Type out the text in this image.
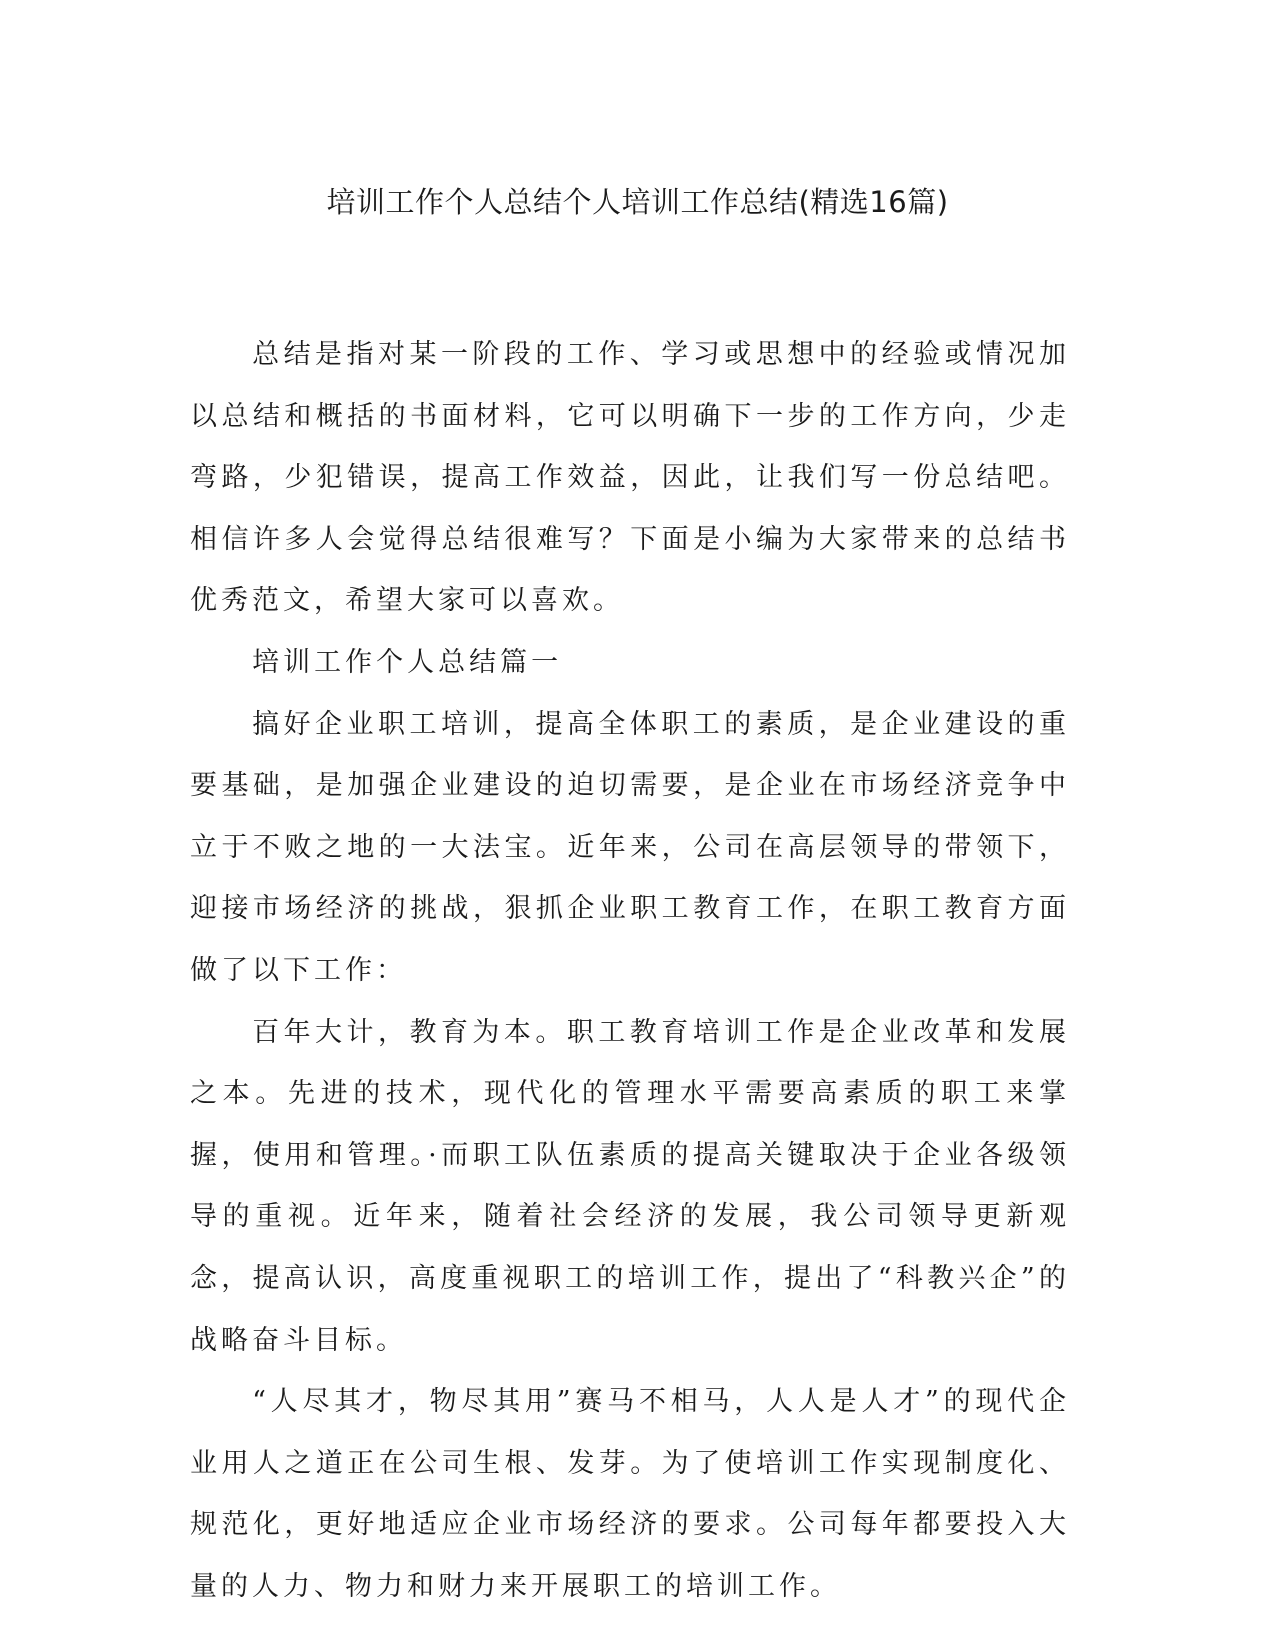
培训工作个人总结个人培训工作总结(精选16篇)

总结是指对某一阶段的工作、学习或思想中的经验或情况加以总结和概括的书面材料，它可以明确下一步的工作方向，少走弯路，少犯错误，提高工作效益，因此，让我们写一份总结吧。相信许多人会觉得总结很难写？下面是小编为大家带来的总结书优秀范文，希望大家可以喜欢。

培训工作个人总结篇一

搞好企业职工培训，提高全体职工的素质，是企业建设的重要基础，是加强企业建设的迫切需要，是企业在市场经济竞争中立于不败之地的一大法宝。近年来，公司在高层领导的带领下，迎接市场经济的挑战，狠抓企业职工教育工作，在职工教育方面做了以下工作：

百年大计，教育为本。职工教育培训工作是企业改革和发展之本。先进的技术，现代化的管理水平需要高素质的职工来掌握，使用和管理。·而职工队伍素质的提高关键取决于企业各级领导的重视。近年来，随着社会经济的发展，我公司领导更新观念，提高认识，高度重视职工的培训工作，提出了“科教兴企”的战略奋斗目标。

“人尽其才，物尽其用”赛马不相马，人人是人才”的现代企业用人之道正在公司生根、发芽。为了使培训工作实现制度化、规范化，更好地适应企业市场经济的要求。公司每年都要投入大量的人力、物力和财力来开展职工的培训工作。
